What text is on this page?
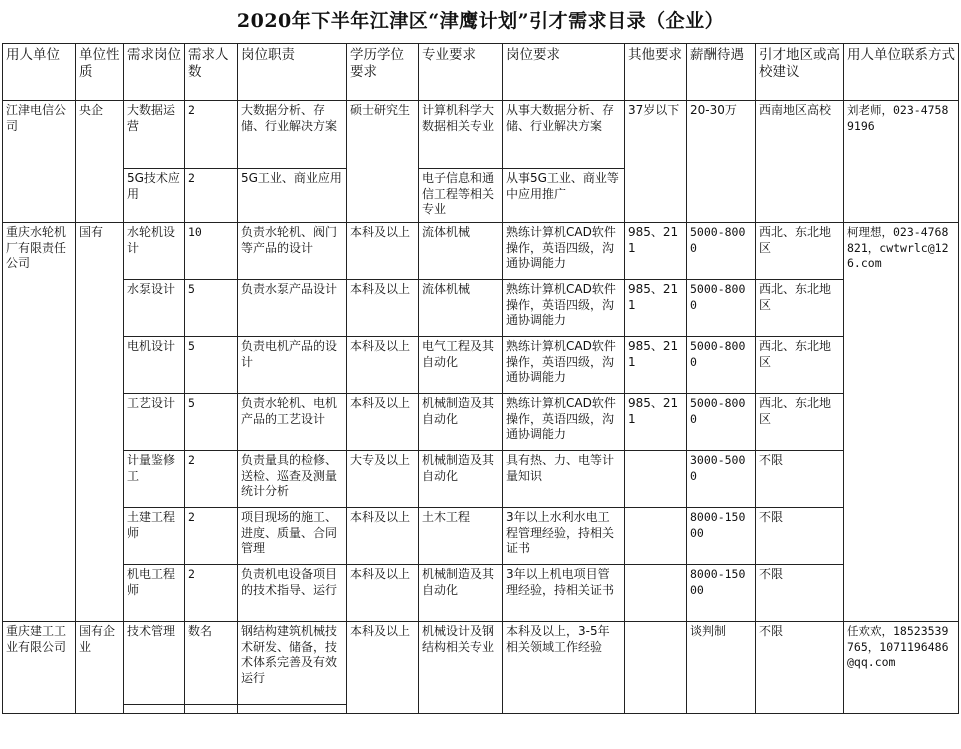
2020年下半年江津区“津鹰计划”引才需求目录（企业）
用人单位	单位性质	需求岗位	需求人数	岗位职责	学历学位要求	专业要求	岗位要求	其他要求	薪酬待遇	引才地区或高校建议	用人单位联系方式
江津电信公司	央企	大数据运营	2	大数据分析、存储、行业解决方案	硕士研究生	计算机科学大数据相关专业	从事大数据分析、存储、行业解决方案	37岁以下	20-30万	西南地区高校	刘老师，023-47589196
		5G技术应用	2	5G工业、商业应用		电子信息和通信工程等相关专业	从事5G工业、商业等中应用推广				
重庆水轮机厂有限责任公司	国有	水轮机设计	10	负责水轮机、阀门等产品的设计	本科及以上	流体机械	熟练计算机CAD软件操作，英语四级，沟通协调能力	985、211	5000-8000	西北、东北地区	柯理想，023-4768821，cwtwrlc@126.com
		水泵设计	5	负责水泵产品设计	本科及以上	流体机械	熟练计算机CAD软件操作，英语四级，沟通协调能力	985、211	5000-8000	西北、东北地区	
		电机设计	5	负责电机产品的设计	本科及以上	电气工程及其自动化	熟练计算机CAD软件操作，英语四级，沟通协调能力	985、211	5000-8000	西北、东北地区	
		工艺设计	5	负责水轮机、电机产品的工艺设计	本科及以上	机械制造及其自动化	熟练计算机CAD软件操作，英语四级，沟通协调能力	985、211	5000-8000	西北、东北地区	
		计量鉴修工	2	负责量具的检修、送检、巡查及测量统计分析	大专及以上	机械制造及其自动化	具有热、力、电等计量知识		3000-5000	不限	
		土建工程师	2	项目现场的施工、进度、质量、合同管理	本科及以上	土木工程	3年以上水利水电工程管理经验，持相关证书		8000-15000	不限	
		机电工程师	2	负责机电设备项目的技术指导、运行	本科及以上	机械制造及其自动化	3年以上机电项目管理经验，持相关证书		8000-15000	不限	
重庆建工工业有限公司	国有企业	技术管理	数名	钢结构建筑机械技术研发、储备，技术体系完善及有效运行	本科及以上	机械设计及钢结构相关专业	本科及以上，3-5年相关领域工作经验		谈判制	不限	任欢欢，18523539765，1071196486@qq.com
